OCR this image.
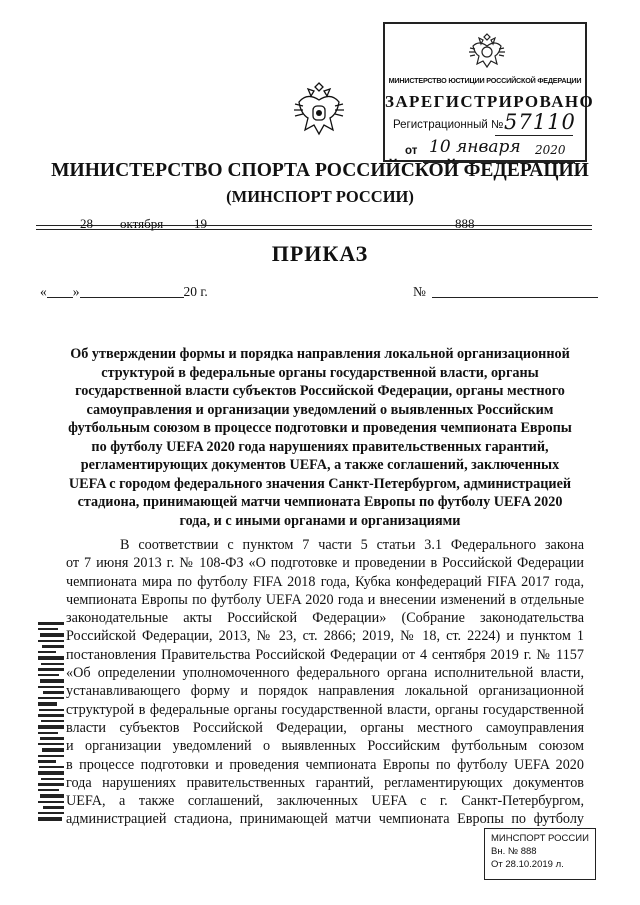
МИНИСТЕРСТВО ЮСТИЦИИ РОССИЙСКОЙ ФЕДЕРАЦИИ
ЗАРЕГИСТРИРОВАНО
Регистрационный № 57110
от 10 января 2020
МИНИСТЕРСТВО СПОРТА РОССИЙСКОЙ ФЕДЕРАЦИИ
(МИНСПОРТ РОССИИ)
28 октября 19	888
ПРИКАЗ
« »	20 г.	№
Об утверждении формы и порядка направления локальной организационной
структурой в федеральные органы государственной власти, органы
государственной власти субъектов Российской Федерации, органы местного
самоуправления и организации уведомлений о выявленных Российским
футбольным союзом в процессе подготовки и проведения чемпионата Европы
по футболу UEFA 2020 года нарушениях правительственных гарантий,
регламентирующих документов UEFA, а также соглашений, заключенных
UEFA с городом федерального значения Санкт-Петербургом, администрацией
стадиона, принимающей матчи чемпионата Европы по футболу UEFA 2020
года, и с иными органами и организациями
В соответствии с пунктом 7 части 5 статьи 3.1 Федерального закона
от 7 июня 2013 г. № 108-ФЗ «О подготовке и проведении в Российской Федерации
чемпионата мира по футболу FIFA 2018 года, Кубка конфедераций FIFA 2017 года,
чемпионата Европы по футболу UEFA 2020 года и внесении изменений в отдельные
законодательные акты Российской Федерации» (Собрание законодательства
Российской Федерации, 2013, № 23, ст. 2866; 2019, № 18, ст. 2224) и пунктом 1
постановления Правительства Российской Федерации от 4 сентября 2019 г. № 1157
«Об определении уполномоченного федерального органа исполнительной власти,
устанавливающего форму и порядок направления локальной организационной
структурой в федеральные органы государственной власти, органы государственной
власти субъектов Российской Федерации, органы местного самоуправления
и организации уведомлений о выявленных Российским футбольным союзом
в процессе подготовки и проведения чемпионата Европы по футболу UEFA 2020
года нарушениях правительственных гарантий, регламентирующих документов
UEFA, а также соглашений, заключенных UEFA с г. Санкт-Петербургом,
администрацией стадиона, принимающей матчи чемпионата Европы по футболу
МИНСПОРТ РОССИИ
Вн. № 888
От 28.10.2019 л.
